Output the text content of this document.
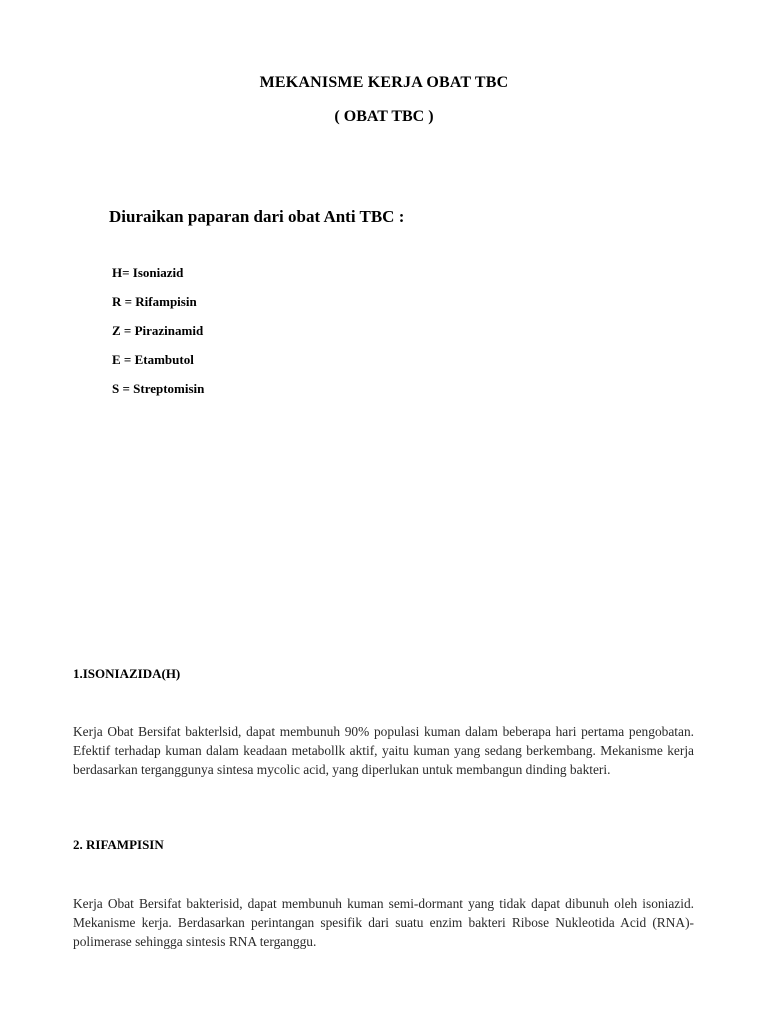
MEKANISME KERJA OBAT TBC
( OBAT TBC )
Diuraikan paparan dari obat Anti TBC :
H= Isoniazid
R = Rifampisin
Z = Pirazinamid
E = Etambutol
S = Streptomisin
1.ISONIAZIDA(H)

Kerja Obat Bersifat bakterlsid, dapat membunuh 90% populasi kuman dalam beberapa hari pertama pengobatan. Efektif terhadap kuman dalam keadaan metabollk aktif, yaitu kuman yang sedang berkembang. Mekanisme kerja berdasarkan terganggunya sintesa mycolic acid, yang diperlukan untuk membangun dinding bakteri.

2. RIFAMPISIN

Kerja Obat Bersifat bakterisid, dapat membunuh kuman semi-dormant yang tidak dapat dibunuh oleh isoniazid. Mekanisme kerja. Berdasarkan perintangan spesifik dari suatu enzim bakteri Ribose Nukleotida Acid (RNA)- polimerase sehingga sintesis RNA terganggu.
